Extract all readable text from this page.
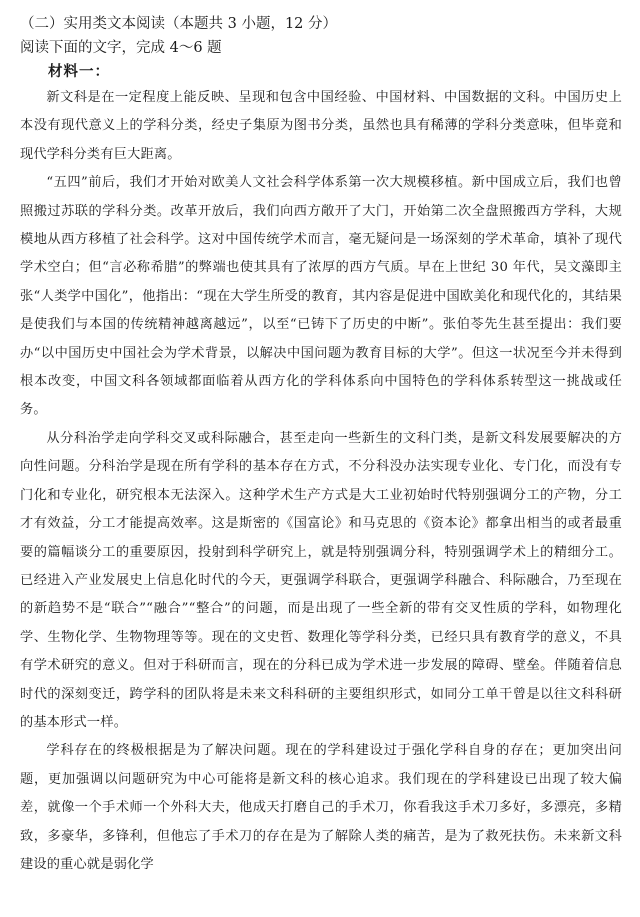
（二）实用类文本阅读（本题共 3 小题，12 分）

阅读下面的文字，完成 4～6 题

材料一：

新文科是在一定程度上能反映、呈现和包含中国经验、中国材料、中国数据的文科。中国历史上本没有现代意义上的学科分类，经史子集原为图书分类，虽然也具有稀薄的学科分类意味，但毕竟和现代学科分类有巨大距离。

“五四”前后，我们才开始对欧美人文社会科学体系第一次大规模移植。新中国成立后，我们也曾照搬过苏联的学科分类。改革开放后，我们向西方敞开了大门，开始第二次全盘照搬西方学科，大规模地从西方移植了社会科学。这对中国传统学术而言，毫无疑问是一场深刻的学术革命，填补了现代学术空白；但“言必称希腊”的弊端也使其具有了浓厚的西方气质。早在上世纪 30 年代，吴文藻即主张“人类学中国化”，他指出：“现在大学生所受的教育，其内容是促进中国欧美化和现代化的，其结果是使我们与本国的传统精神越离越远”，以至“已铸下了历史的中断”。张伯苓先生甚至提出：我们要办“以中国历史中国社会为学术背景，以解决中国问题为教育目标的大学”。但这一状况至今并未得到根本改变，中国文科各领域都面临着从西方化的学科体系向中国特色的学科体系转型这一挑战或任务。

从分科治学走向学科交叉或科际融合，甚至走向一些新生的文科门类，是新文科发展要解决的方向性问题。分科治学是现在所有学科的基本存在方式，不分科没办法实现专业化、专门化，而没有专门化和专业化，研究根本无法深入。这种学术生产方式是大工业初始时代特别强调分工的产物，分工才有效益，分工才能提高效率。这是斯密的《国富论》和马克思的《资本论》都拿出相当的或者最重要的篇幅谈分工的重要原因，投射到科学研究上，就是特别强调分科，特别强调学术上的精细分工。已经进入产业发展史上信息化时代的今天，更强调学科联合，更强调学科融合、科际融合，乃至现在的新趋势不是“联合”“融合”“整合”的问题，而是出现了一些全新的带有交叉性质的学科，如物理化学、生物化学、生物物理等等。现在的文史哲、数理化等学科分类，已经只具有教育学的意义，不具有学术研究的意义。但对于科研而言，现在的分科已成为学术进一步发展的障碍、壁垒。伴随着信息时代的深刻变迁，跨学科的团队将是未来文科科研的主要组织形式，如同分工单干曾是以往文科科研的基本形式一样。

学科存在的终极根据是为了解决问题。现在的学科建设过于强化学科自身的存在；更加突出问题，更加强调以问题研究为中心可能将是新文科的核心追求。我们现在的学科建设已出现了较大偏差，就像一个手术师一个外科大夫，他成天打磨自己的手术刀，你看我这手术刀多好，多漂亮，多精致，多豪华，多锋利，但他忘了手术刀的存在是为了解除人类的痛苦，是为了救死扶伤。未来新文科建设的重心就是弱化学
